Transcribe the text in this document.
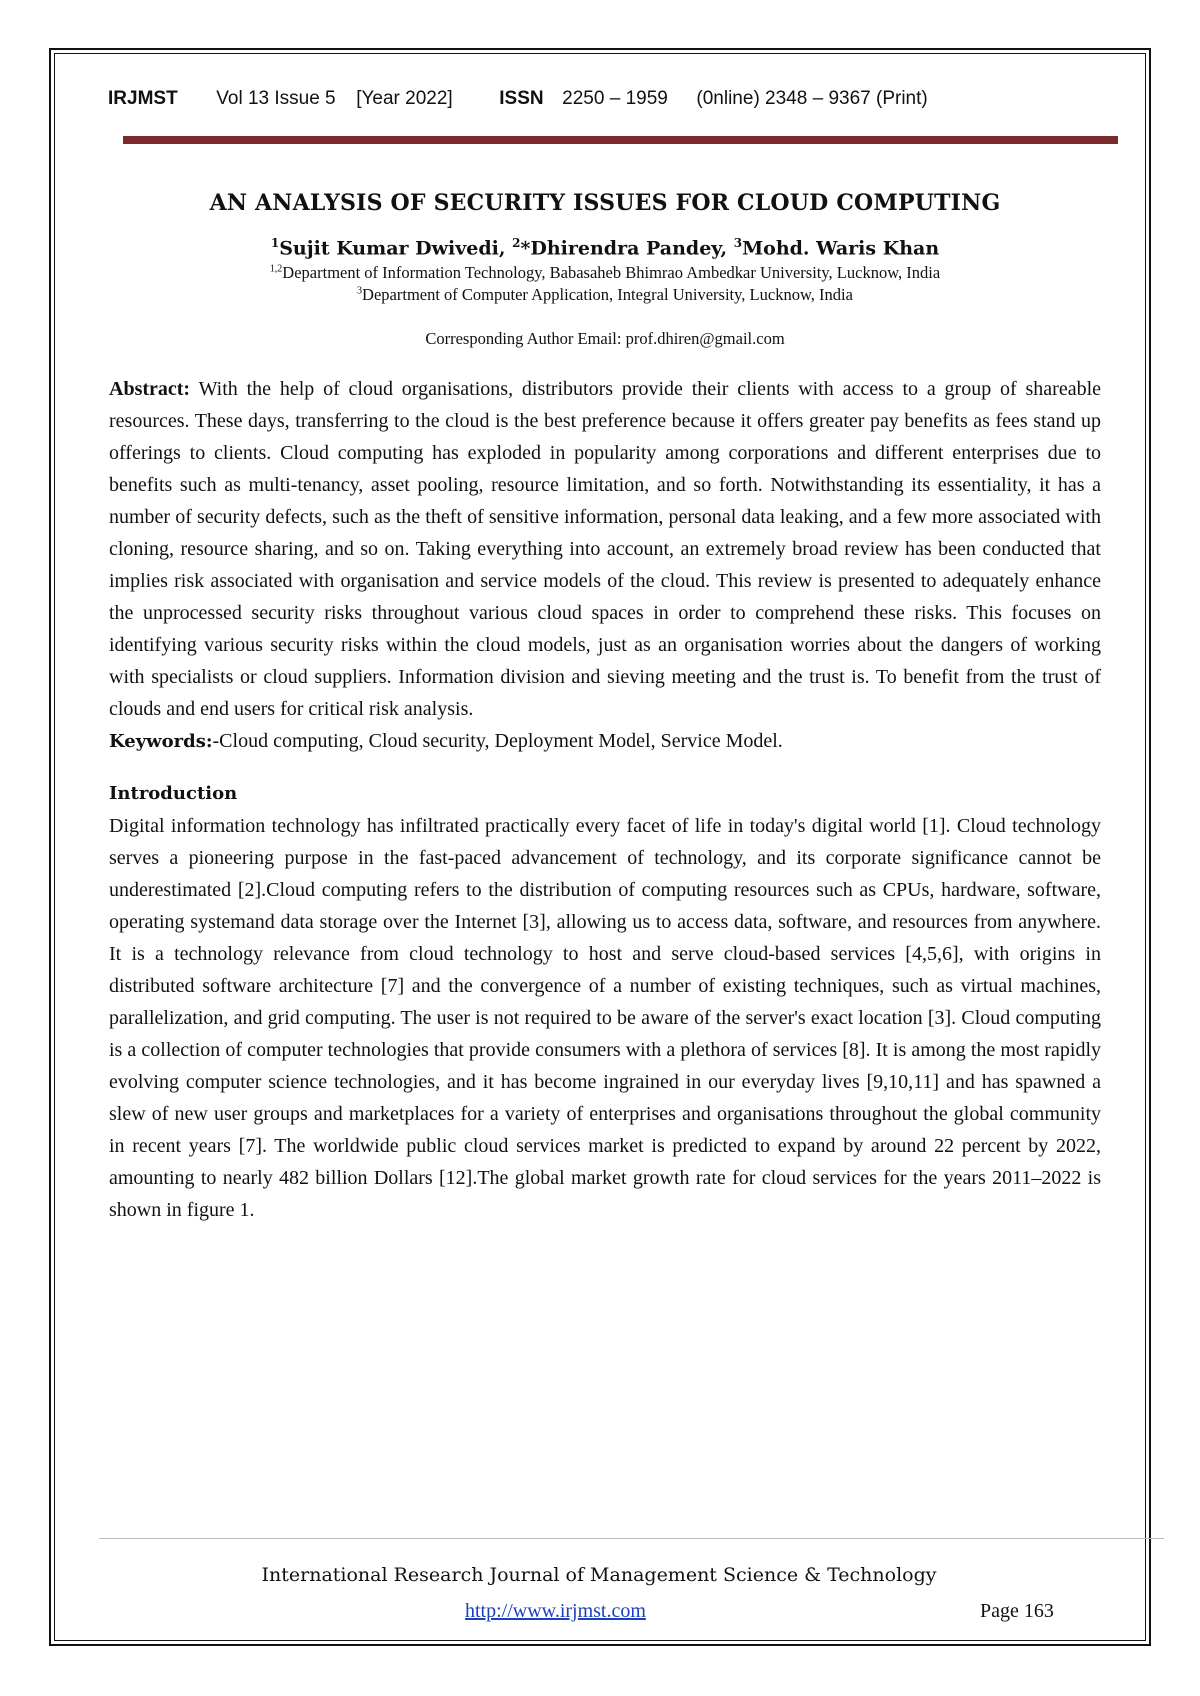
IRJMST Vol 13 Issue 5 [Year 2022] ISSN 2250 – 1959 (0nline) 2348 – 9367 (Print)
AN ANALYSIS OF SECURITY ISSUES FOR CLOUD COMPUTING
$^1$Sujit Kumar Dwivedi, $^2$*Dhirendra Pandey, $^3$Mohd. Waris Khan
$^{1,2}$Department of Information Technology, Babasaheb Bhimrao Ambedkar University, Lucknow, India
$^3$Department of Computer Application, Integral University, Lucknow, India
Corresponding Author Email: prof.dhiren@gmail.com

Abstract: With the help of cloud organisations, distributors provide their clients with access to a group of shareable resources. These days, transferring to the cloud is the best preference because it offers greater pay benefits as fees stand up offerings to clients. Cloud computing has exploded in popularity among corporations and different enterprises due to benefits such as multi-tenancy, asset pooling, resource limitation, and so forth. Notwithstanding its essentiality, it has a number of security defects, such as the theft of sensitive information, personal data leaking, and a few more associated with cloning, resource sharing, and so on. Taking everything into account, an extremely broad review has been conducted that implies risk associated with organisation and service models of the cloud. This review is presented to adequately enhance the unprocessed security risks throughout various cloud spaces in order to comprehend these risks. This focuses on identifying various security risks within the cloud models, just as an organisation worries about the dangers of working with specialists or cloud suppliers. Information division and sieving meeting and the trust is. To benefit from the trust of clouds and end users for critical risk analysis.

Keywords:-Cloud computing, Cloud security, Deployment Model, Service Model.

Introduction

Digital information technology has infiltrated practically every facet of life in today's digital world [1]. Cloud technology serves a pioneering purpose in the fast-paced advancement of technology, and its corporate significance cannot be underestimated [2].Cloud computing refers to the distribution of computing resources such as CPUs, hardware, software, operating systemand data storage over the Internet [3], allowing us to access data, software, and resources from anywhere. It is a technology relevance from cloud technology to host and serve cloud-based services [4,5,6], with origins in distributed software architecture [7] and the convergence of a number of existing techniques, such as virtual machines, parallelization, and grid computing. The user is not required to be aware of the server's exact location [3]. Cloud computing is a collection of computer technologies that provide consumers with a plethora of services [8]. It is among the most rapidly evolving computer science technologies, and it has become ingrained in our everyday lives [9,10,11] and has spawned a slew of new user groups and marketplaces for a variety of enterprises and organisations throughout the global community in recent years [7]. The worldwide public cloud services market is predicted to expand by around 22 percent by 2022, amounting to nearly 482 billion Dollars [12].The global market growth rate for cloud services for the years 2011–2022 is shown in figure 1.

International Research Journal of Management Science & Technology
http://www.irjmst.com	Page 163
